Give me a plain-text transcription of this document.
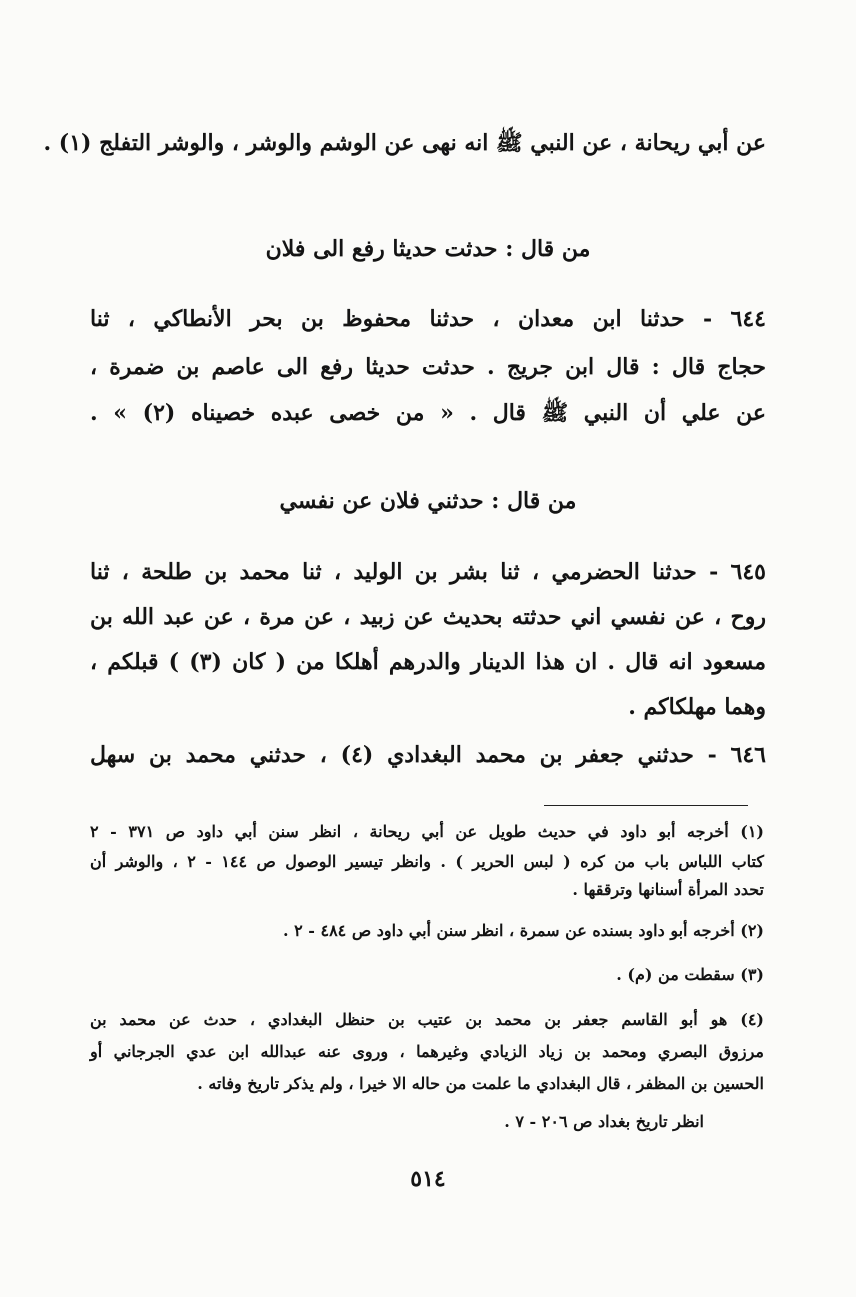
عن أبي ريحانة ، عن النبي ﷺ انه نهى عن الوشم والوشر ، والوشر التفلج (١) .
من قال : حدثت حديثا رفع الى فلان
٦٤٤ - حدثنا ابن معدان ، حدثنا محفوظ بن بحر الأنطاكي ، ثنا
حجاج قال : قال ابن جريج . حدثت حديثا رفع الى عاصم بن ضمرة ،
عن علي أن النبي ﷺ قال . « من خصى عبده خصيناه (٢) » .
من قال : حدثني فلان عن نفسي
٦٤٥ - حدثنا الحضرمي ، ثنا بشر بن الوليد ، ثنا محمد بن طلحة ، ثنا
روح ، عن نفسي اني حدثته بحديث عن زبيد ، عن مرة ، عن عبد الله بن
مسعود انه قال . ان هذا الدينار والدرهم أهلكا من ( كان (٣) ) قبلكم ،
وهما مهلكاكم .
٦٤٦ - حدثني جعفر بن محمد البغدادي (٤) ، حدثني محمد بن سهل
(١) أخرجه أبو داود في حديث طويل عن أبي ريحانة ، انظر سنن أبي داود ص ٣٧١ - ٢
كتاب اللباس باب من كره ( لبس الحرير ) . وانظر تيسير الوصول ص ١٤٤ - ٢ ، والوشر أن
تحدد المرأة أسنانها وترققها .
(٢) أخرجه أبو داود بسنده عن سمرة ، انظر سنن أبي داود ص ٤٨٤ - ٢ .
(٣) سقطت من (م) .
(٤) هو أبو القاسم جعفر بن محمد بن عتيب بن حنظل البغدادي ، حدث عن محمد بن
مرزوق البصري ومحمد بن زياد الزيادي وغيرهما ، وروى عنه عبدالله ابن عدي الجرجاني أو
الحسين بن المظفر ، قال البغدادي ما علمت من حاله الا خيرا ، ولم يذكر تاريخ وفاته .
انظر تاريخ بغداد ص ٢٠٦ - ٧ .
٥١٤
